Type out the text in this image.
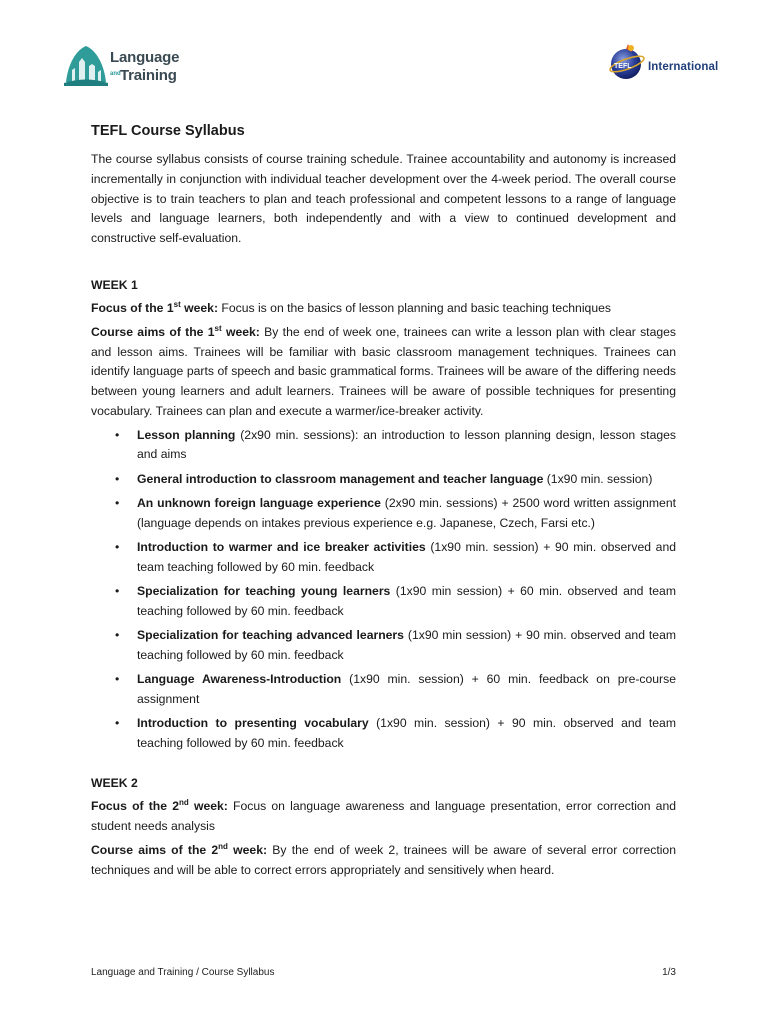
Language
and Training
TEFL International
TEFL Course Syllabus

The course syllabus consists of course training schedule. Trainee accountability and autonomy is increased incrementally in conjunction with individual teacher development over the 4-week period. The overall course objective is to train teachers to plan and teach professional and competent lessons to a range of language levels and language learners, both independently and with a view to continued development and constructive self-evaluation.

WEEK 1

Focus of the 1st week: Focus is on the basics of lesson planning and basic teaching techniques

Course aims of the 1st week: By the end of week one, trainees can write a lesson plan with clear stages and lesson aims. Trainees will be familiar with basic classroom management techniques. Trainees can identify language parts of speech and basic grammatical forms. Trainees will be aware of the differing needs between young learners and adult learners. Trainees will be aware of possible techniques for presenting vocabulary. Trainees can plan and execute a warmer/ice-breaker activity.

• Lesson planning (2x90 min. sessions): an introduction to lesson planning design, lesson stages and aims
• General introduction to classroom management and teacher language (1x90 min. session)
• An unknown foreign language experience (2x90 min. sessions) + 2500 word written assignment (language depends on intakes previous experience e.g. Japanese, Czech, Farsi etc.)
• Introduction to warmer and ice breaker activities (1x90 min. session) + 90 min. observed and team teaching followed by 60 min. feedback
• Specialization for teaching young learners (1x90 min session) + 60 min. observed and team teaching followed by 60 min. feedback
• Specialization for teaching advanced learners (1x90 min session) + 90 min. observed and team teaching followed by 60 min. feedback
• Language Awareness-Introduction (1x90 min. session) + 60 min. feedback on pre-course assignment
• Introduction to presenting vocabulary (1x90 min. session) + 90 min. observed and team teaching followed by 60 min. feedback
WEEK 2

Focus of the 2nd week: Focus on language awareness and language presentation, error correction and student needs analysis

Course aims of the 2nd week: By the end of week 2, trainees will be aware of several error correction techniques and will be able to correct errors appropriately and sensitively when heard.

Language and Training / Course Syllabus	1/3
